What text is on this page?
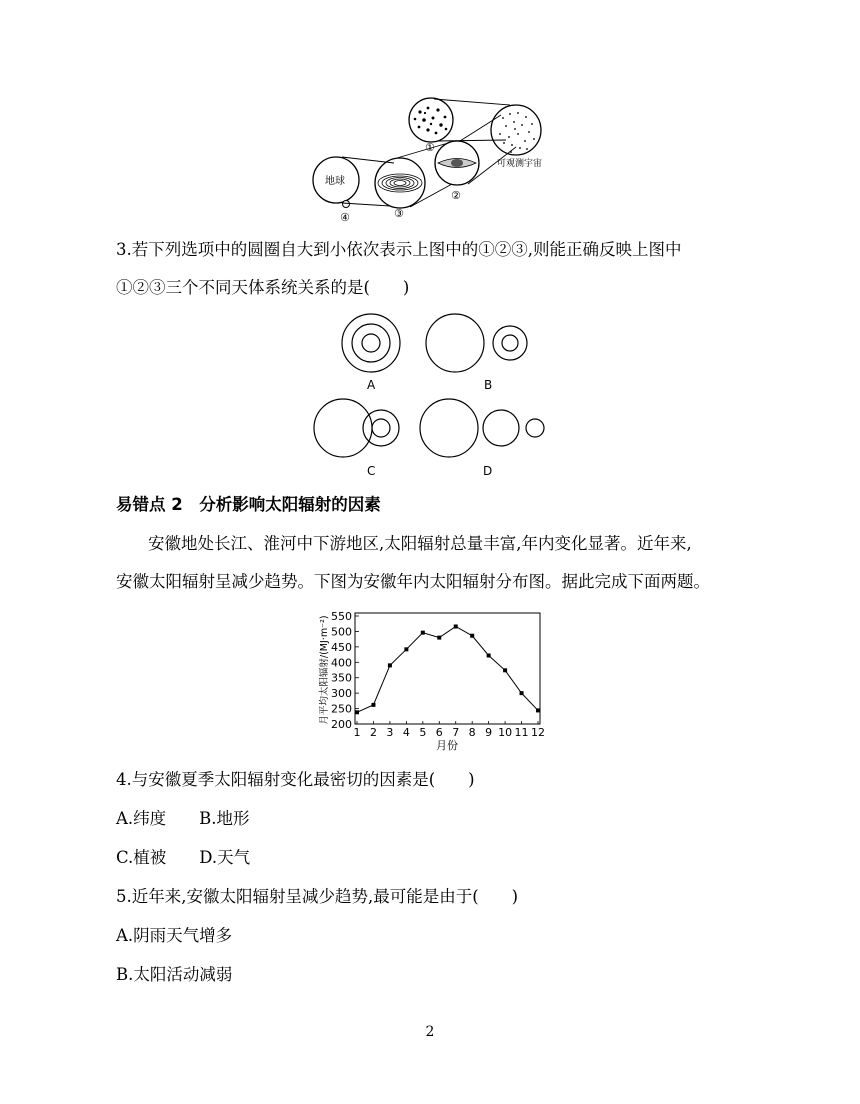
①
可观测宇宙
②
③
④
地球
3.若下列选项中的圆圈自大到小依次表示上图中的①②③,则能正确反映上图中
①②③三个不同天体系统关系的是(　　)
A	B
C	D
易错点 2　分析影响太阳辐射的因素
安徽地处长江、淮河中下游地区,太阳辐射总量丰富,年内变化显著。近年来,
安徽太阳辐射呈减少趋势。下图为安徽年内太阳辐射分布图。据此完成下面两题。
200
250
300
350
400
450
500
550
1 2 3 4 5 6 7 8 9 10 11 12
月份
月平均太阳辐射/(MJ·m⁻²)
4.与安徽夏季太阳辐射变化最密切的因素是(　　)
A.纬度　　B.地形
C.植被　　D.天气
5.近年来,安徽太阳辐射呈减少趋势,最可能是由于(　　)
A.阴雨天气增多
B.太阳活动减弱
2
